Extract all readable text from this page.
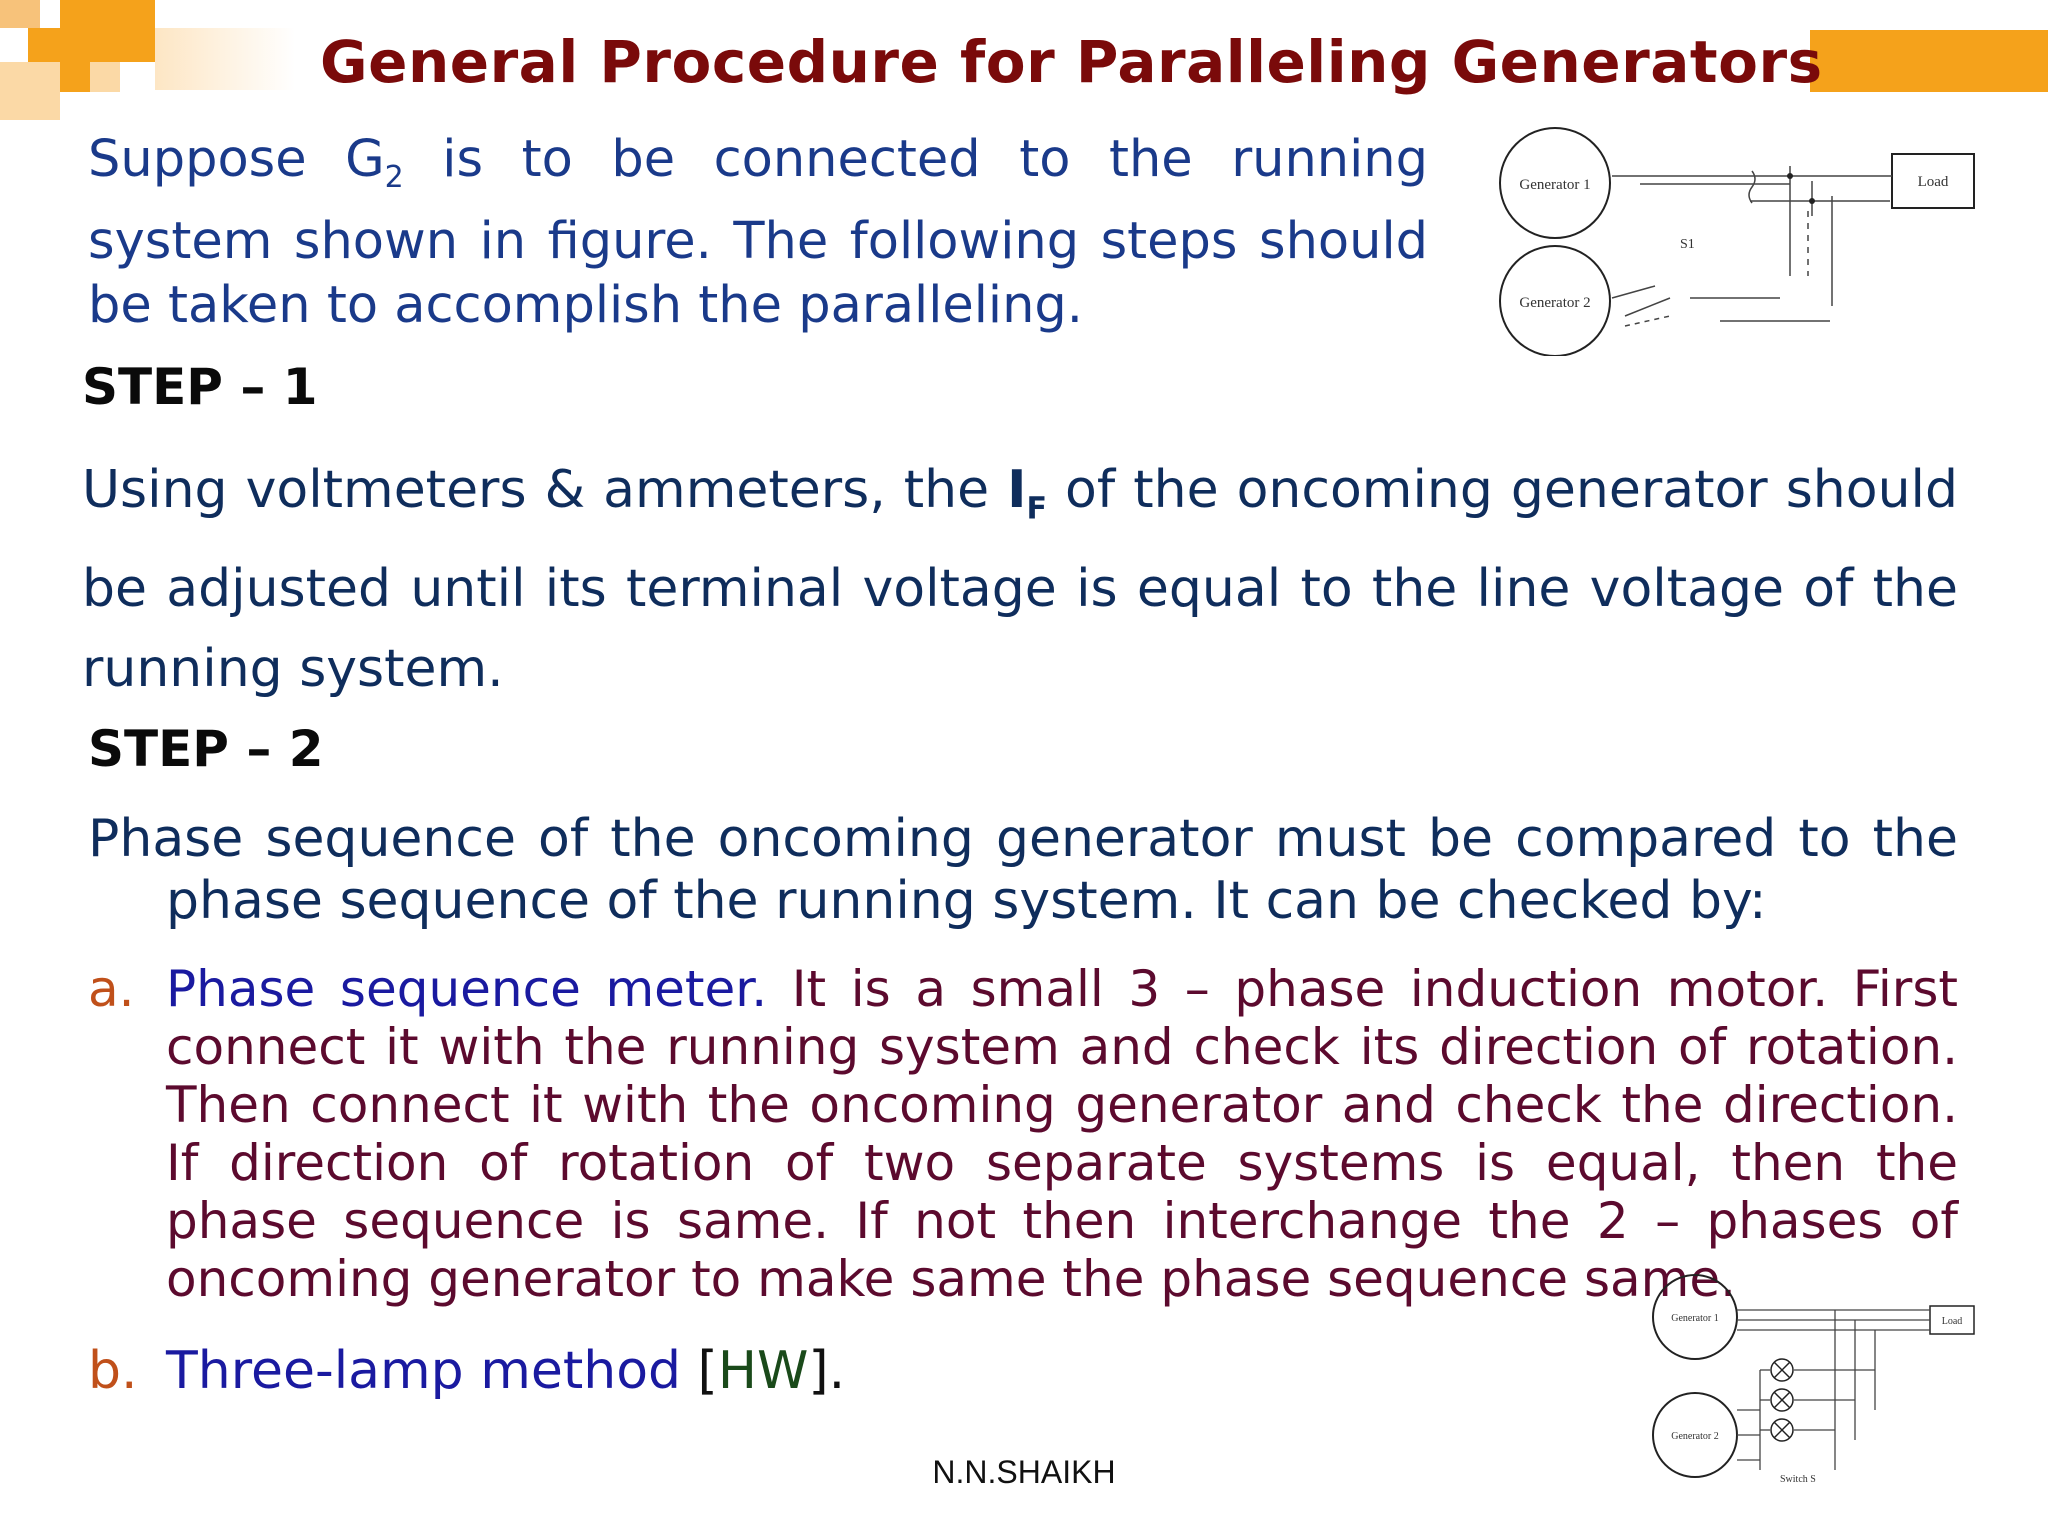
General Procedure for Paralleling Generators
Suppose $G_2$ is to be connected to the running system shown in figure. The following steps should be taken to accomplish the paralleling.
Generator 1
Generator 2
Load
S1
STEP – 1
Using voltmeters & ammeters, the $I_F$ of the oncoming generator should be adjusted until its terminal voltage is equal to the line voltage of the running system.
STEP – 2
Phase sequence of the oncoming generator must be compared to the phase sequence of the running system. It can be checked by:
a. Phase sequence meter. It is a small 3 – phase induction motor. First connect it with the running system and check its direction of rotation. Then connect it with the oncoming generator and check the direction. If direction of rotation of two separate systems is equal, then the phase sequence is same. If not then interchange the 2 – phases of oncoming generator to make same the phase sequence same.
b. Three-lamp method [HW].
Generator 1
Generator 2
Load
Switch S
N.N.SHAIKH
